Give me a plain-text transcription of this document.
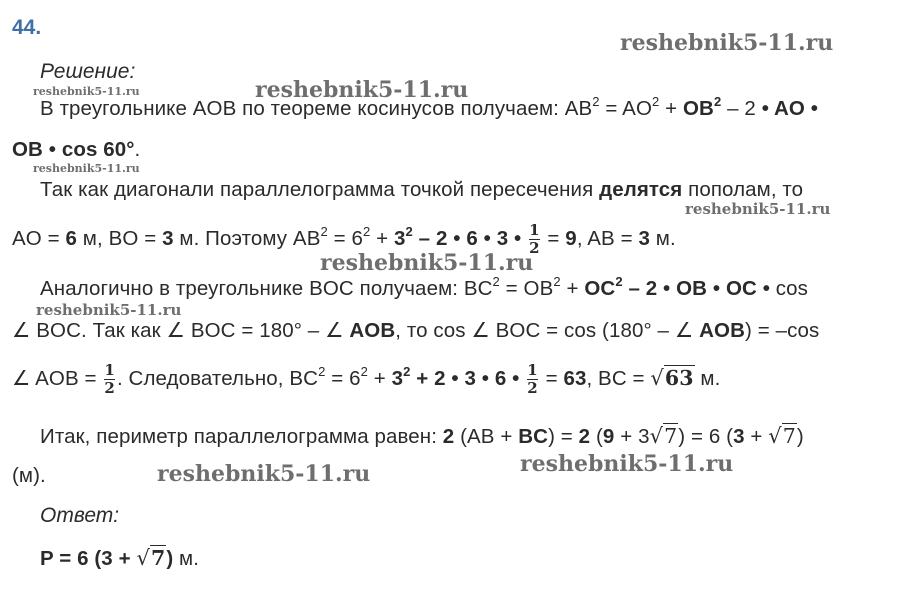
44.
reshebnik5-11.ru
reshebnik5-11.ru
reshebnik5-11.ru
reshebnik5-11.ru
reshebnik5-11.ru
reshebnik5-11.ru
reshebnik5-11.ru
reshebnik5-11.ru
reshebnik5-11.ru
Решение:
В треугольнике AOB по теореме косинусов получаем: $AB^2 = AO^2 + OB^2 - 2$ • AO •
OB • cos 60°.
Так как диагонали параллелограмма точкой пересечения делятся пополам, то
AO = 6 м, BO = 3 м. Поэтому $AB^2 = 6^2 + 3^2 - 2$ • 6 • 3 • $\frac{1}{2} = 9$, AB = 3 м.
Аналогично в треугольнике BOC получаем: $BC^2 = OB^2 + OC^2 - 2$ • OB • OC • cos
∠ BOC. Так как ∠ BOC = 180° – ∠ AOB, то cos ∠ BOC = cos (180° – ∠ AOB) = –cos
∠ AOB = $\frac{1}{2}$ . Следовательно, $BC^2 = 6^2 + 3^2 + 2$ • 3 • 6 • $\frac{1}{2} = 63$, BC = √63 м.
Итак, периметр параллелограмма равен: 2 (AB + BC) = 2 (9 + 3√7) = 6 (3 + √7)
(м).
Ответ:
P = 6 (3 + √7) м.
